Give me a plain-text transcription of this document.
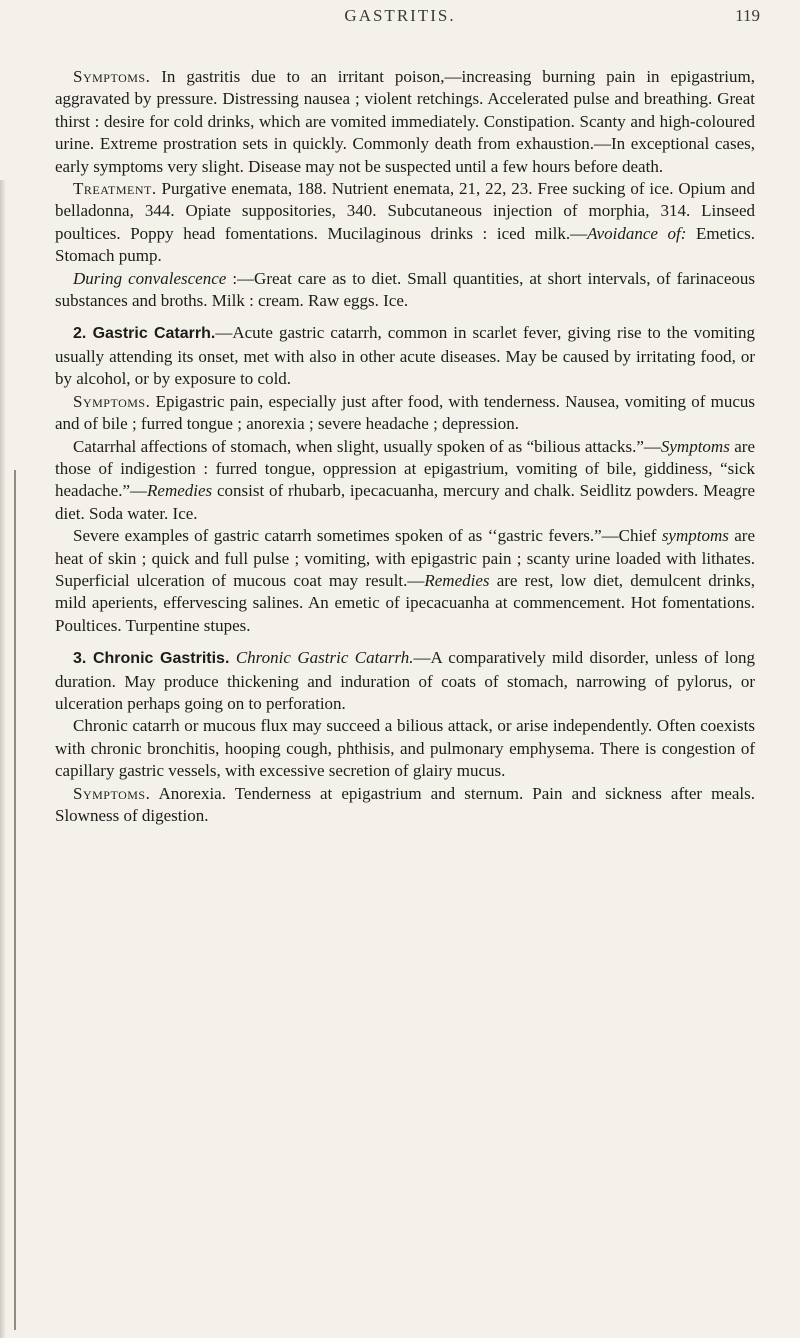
GASTRITIS.	119

Symptoms. In gastritis due to an irritant poison,—increasing burning pain in epigastrium, aggravated by pressure. Distressing nausea ; violent retchings. Accelerated pulse and breathing. Great thirst : desire for cold drinks, which are vomited immediately. Constipation. Scanty and high-coloured urine. Extreme prostration sets in quickly. Commonly death from exhaustion.—In exceptional cases, early symptoms very slight. Disease may not be suspected until a few hours before death.

Treatment. Purgative enemata, 188. Nutrient enemata, 21, 22, 23. Free sucking of ice. Opium and belladonna, 344. Opiate suppositories, 340. Subcutaneous injection of morphia, 314. Linseed poultices. Poppy head fomentations. Mucilaginous drinks : iced milk.—Avoidance of: Emetics. Stomach pump.

During convalescence :—Great care as to diet. Small quantities, at short intervals, of farinaceous substances and broths. Milk : cream. Raw eggs. Ice.

2. Gastric Catarrh.—Acute gastric catarrh, common in scarlet fever, giving rise to the vomiting usually attending its onset, met with also in other acute diseases. May be caused by irritating food, or by alcohol, or by exposure to cold.

Symptoms. Epigastric pain, especially just after food, with tenderness. Nausea, vomiting of mucus and of bile ; furred tongue ; anorexia ; severe headache ; depression.

Catarrhal affections of stomach, when slight, usually spoken of as “bilious attacks.”—Symptoms are those of indigestion : furred tongue, oppression at epigastrium, vomiting of bile, giddiness, “sick headache.”—Remedies consist of rhubarb, ipecacuanha, mercury and chalk. Seidlitz powders. Meagre diet. Soda water. Ice.

Severe examples of gastric catarrh sometimes spoken of as ‘‘gastric fevers.”—Chief symptoms are heat of skin ; quick and full pulse ; vomiting, with epigastric pain ; scanty urine loaded with lithates. Superficial ulceration of mucous coat may result.—Remedies are rest, low diet, demulcent drinks, mild aperients, effervescing salines. An emetic of ipecacuanha at commencement. Hot fomentations. Poultices. Turpentine stupes.

3. Chronic Gastritis. Chronic Gastric Catarrh.—A comparatively mild disorder, unless of long duration. May produce thickening and induration of coats of stomach, narrowing of pylorus, or ulceration perhaps going on to perforation.

Chronic catarrh or mucous flux may succeed a bilious attack, or arise independently. Often coexists with chronic bronchitis, hooping cough, phthisis, and pulmonary emphysema. There is congestion of capillary gastric vessels, with excessive secretion of glairy mucus.

Symptoms. Anorexia. Tenderness at epigastrium and sternum. Pain and sickness after meals. Slowness of digestion.
